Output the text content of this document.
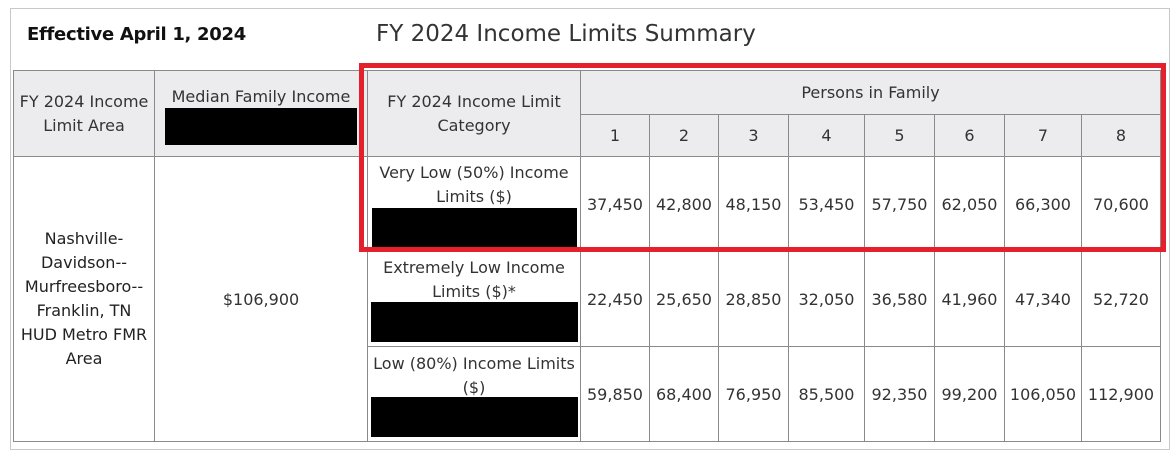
Effective April 1, 2024	FY 2024 Income Limits Summary
FY 2024 Income Limit Area	Median Family Income	FY 2024 Income Limit Category	Persons in Family							
			1	2	3	4	5	6	7	8
Nashville-Davidson--Murfreesboro--Franklin, TN HUD Metro FMR Area	$106,900	Very Low (50%) Income Limits ($)	37,450	42,800	48,150	53,450	57,750	62,050	66,300	70,600

		Extremely Low Income Limits ($)*	22,450	25,650	28,850	32,050	36,580	41,960	47,340	52,720

		Low (80%) Income Limits ($)	59,850	68,400	76,950	85,500	92,350	99,200	106,050	112,900
